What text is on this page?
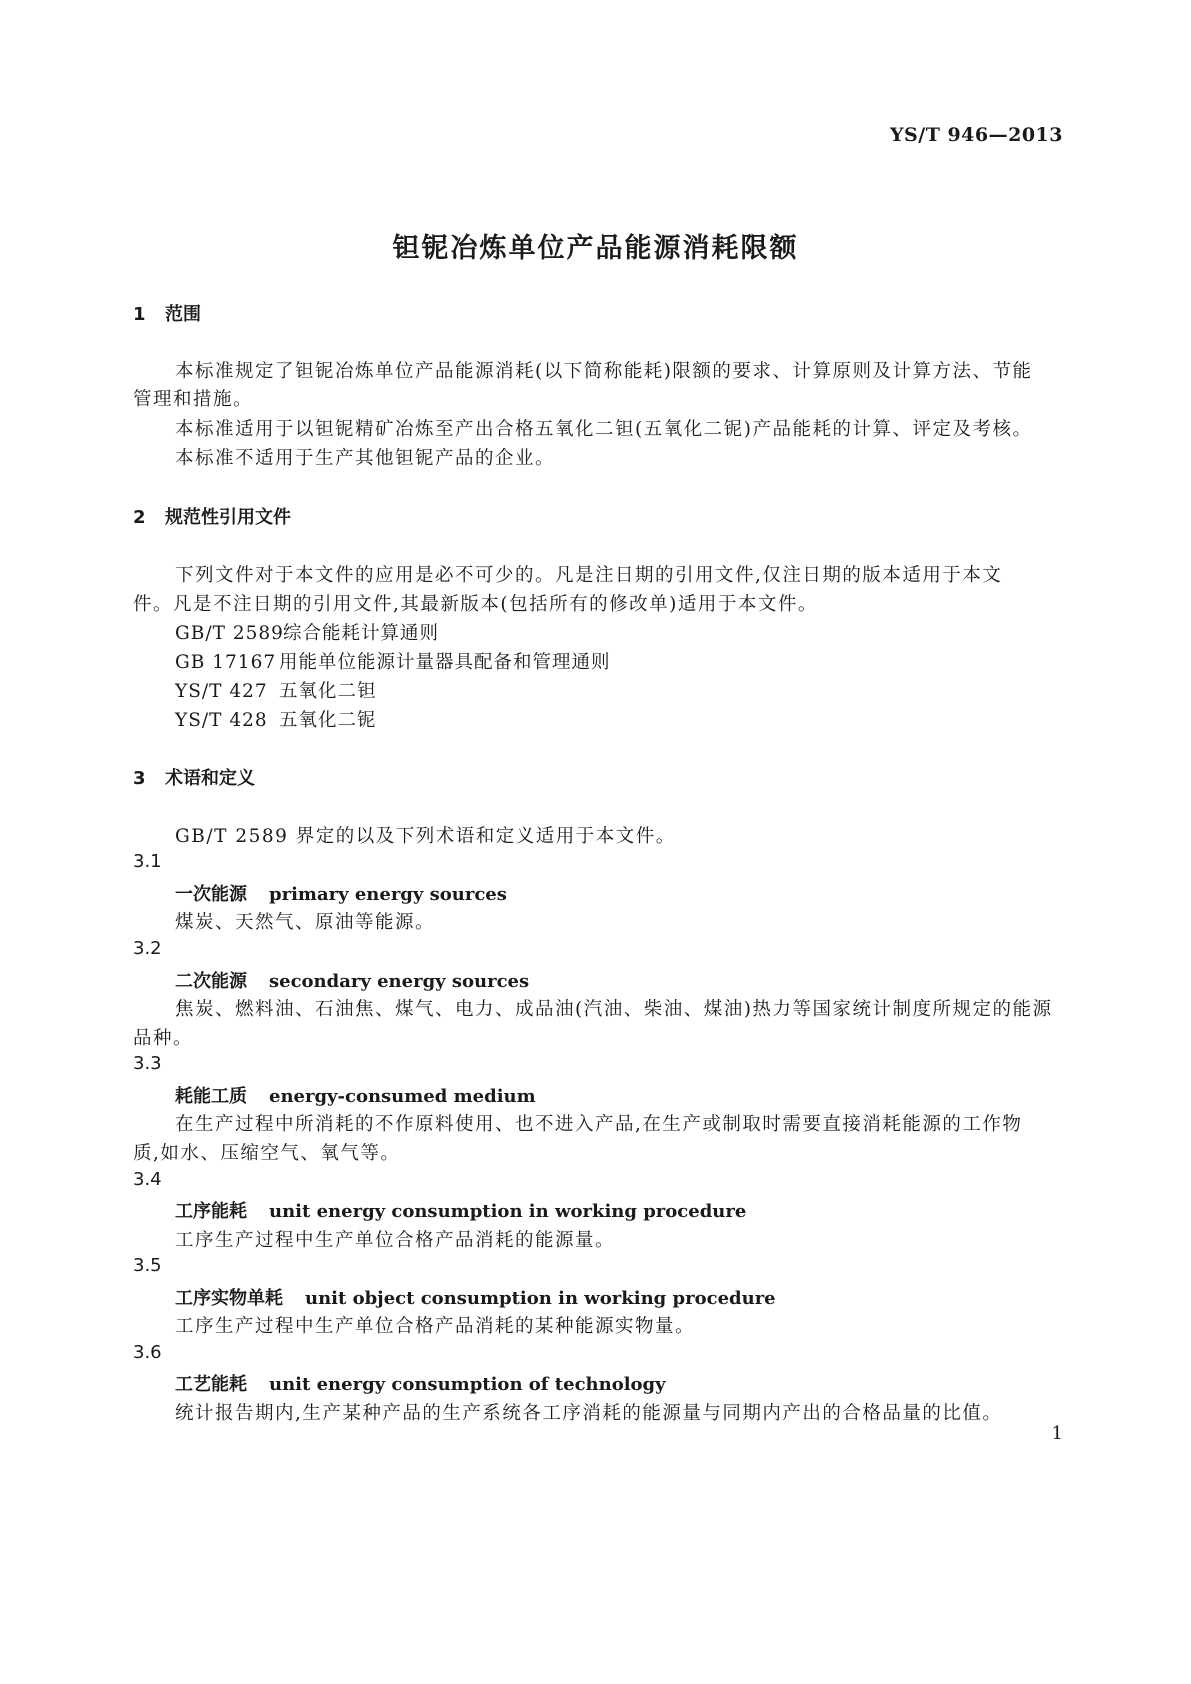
YS/T 946—2013
钽铌冶炼单位产品能源消耗限额
1 范围
本标准规定了钽铌冶炼单位产品能源消耗(以下简称能耗)限额的要求、计算原则及计算方法、节能
管理和措施。
本标准适用于以钽铌精矿冶炼至产出合格五氧化二钽(五氧化二铌)产品能耗的计算、评定及考核。
本标准不适用于生产其他钽铌产品的企业。
2 规范性引用文件
下列文件对于本文件的应用是必不可少的。凡是注日期的引用文件,仅注日期的版本适用于本文
件。凡是不注日期的引用文件,其最新版本(包括所有的修改单)适用于本文件。
GB/T 2589综合能耗计算通则
GB 17167 用能单位能源计量器具配备和管理通则
YS/T 427 五氧化二钽
YS/T 428 五氧化二铌
3 术语和定义
GB/T 2589 界定的以及下列术语和定义适用于本文件。
3.1
一次能源 primary energy sources
煤炭、天然气、原油等能源。
3.2
二次能源 secondary energy sources
焦炭、燃料油、石油焦、煤气、电力、成品油(汽油、柴油、煤油)热力等国家统计制度所规定的能源
品种。
3.3
耗能工质 energy-consumed medium
在生产过程中所消耗的不作原料使用、也不进入产品,在生产或制取时需要直接消耗能源的工作物
质,如水、压缩空气、氧气等。
3.4
工序能耗 unit energy consumption in working procedure
工序生产过程中生产单位合格产品消耗的能源量。
3.5
工序实物单耗 unit object consumption in working procedure
工序生产过程中生产单位合格产品消耗的某种能源实物量。
3.6
工艺能耗 unit energy consumption of technology
统计报告期内,生产某种产品的生产系统各工序消耗的能源量与同期内产出的合格品量的比值。
1
